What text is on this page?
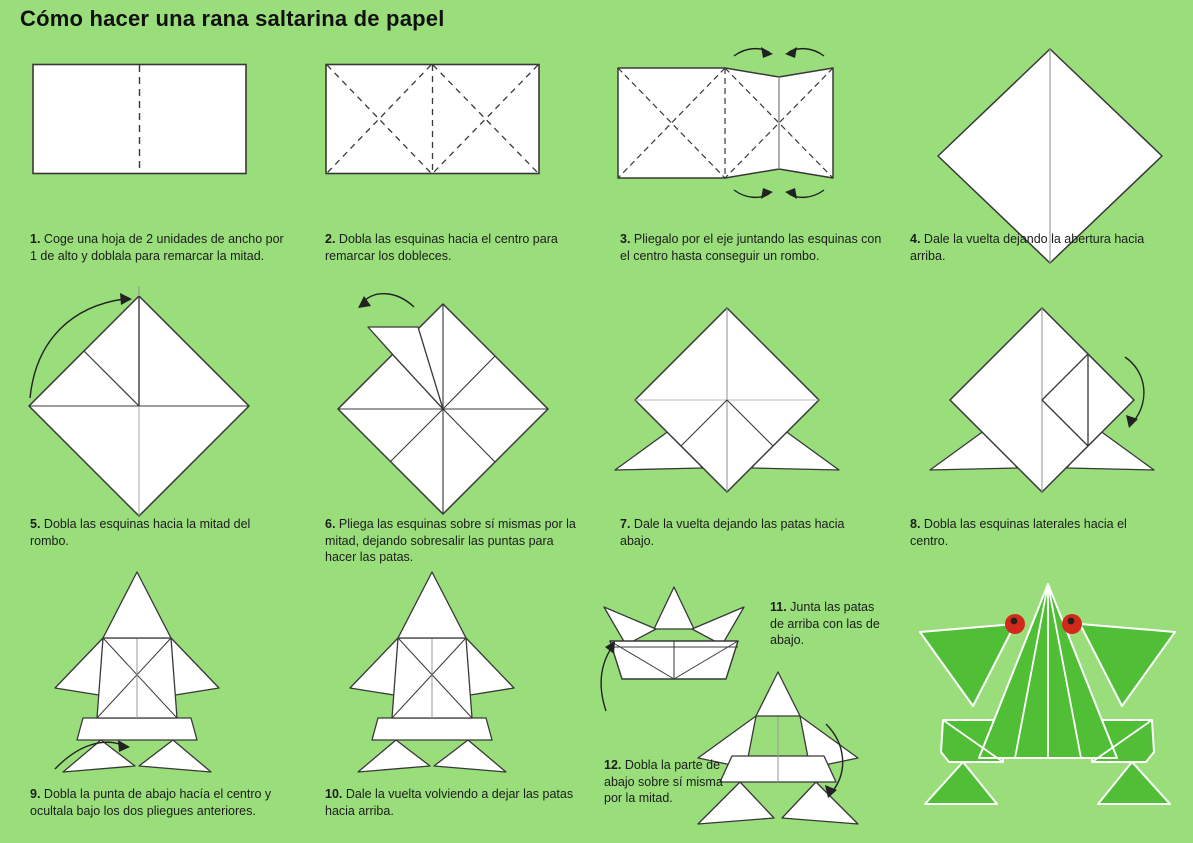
Cómo hacer una rana saltarina de papel
1. Coge una hoja de 2 unidades de ancho por 1 de alto y doblala para remarcar la mitad.
2. Dobla las esquinas hacia el centro para remarcar los dobleces.
3. Pliegalo por el eje juntando las esquinas con el centro hasta conseguir un rombo.
4. Dale la vuelta dejando la abertura hacia arriba.
5. Dobla las esquinas hacia la mitad del rombo.
6. Pliega las esquinas sobre sí mismas por la mitad, dejando sobresalir las puntas para hacer las patas.
7. Dale la vuelta dejando las patas hacia abajo.
8. Dobla las esquinas laterales hacia el centro.
9. Dobla la punta de abajo hacía el centro y ocultala bajo los dos pliegues anteriores.
10. Dale la vuelta volviendo a dejar las patas hacia arriba.
11. Junta las patas de arriba con las de abajo.
12. Dobla la parte de abajo sobre sí misma por la mitad.
